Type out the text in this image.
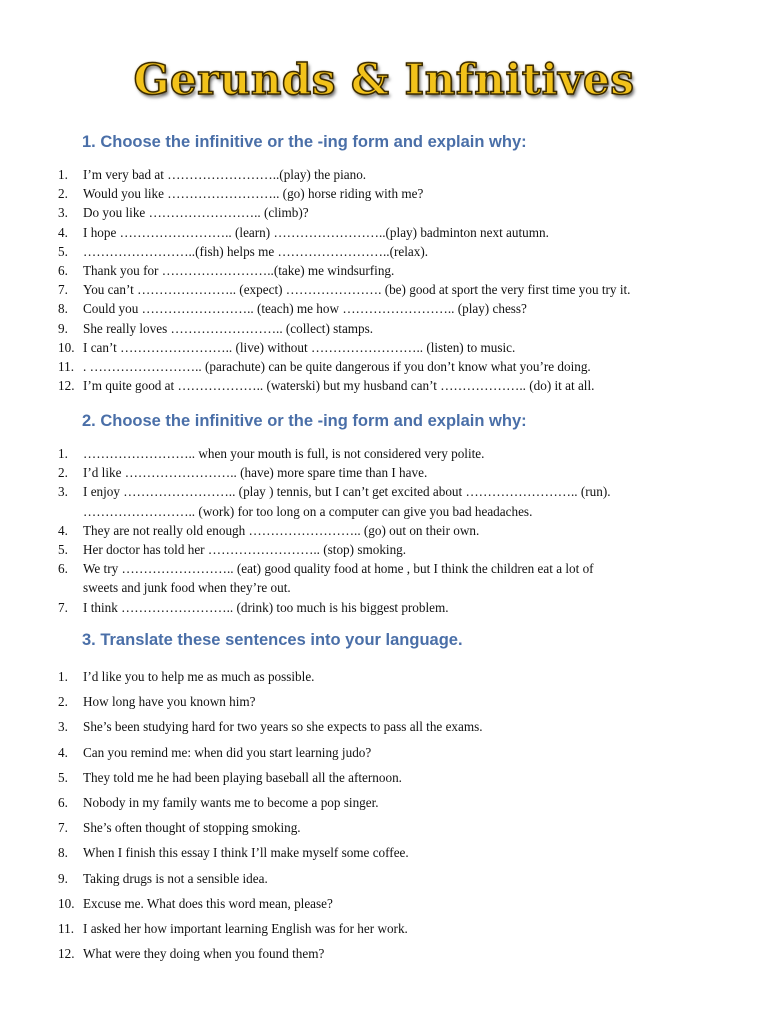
Gerunds & Infnitives
1. Choose the infinitive or the -ing form and explain why:
1. I’m very bad at ……………………..(play) the piano.
2. Would you like …………………….. (go) horse riding with me?
3. Do you like …………………….. (climb)?
4. I hope …………………….. (learn) ……………………..(play) badminton next autumn.
5. ……………………..(fish) helps me ……………………..(relax).
6. Thank you for ……………………..(take) me windsurfing.
7. You can’t ………………….. (expect) …………………. (be) good at sport the very first time you try it.
8. Could you …………………….. (teach) me how …………………….. (play) chess?
9. She really loves …………………….. (collect) stamps.
10. I can’t …………………….. (live) without …………………….. (listen) to music.
11. . …………………….. (parachute) can be quite dangerous if you don’t know what you’re doing.
12. I’m quite good at ……………….. (waterski) but my husband can’t ……………….. (do) it at all.
2. Choose the infinitive or the -ing form and explain why:
1. …………………….. when your mouth is full, is not considered very polite.
2. I’d like …………………….. (have) more spare time than I have.
3. I enjoy …………………….. (play ) tennis, but I can’t get excited about …………………….. (run).
…………………….. (work) for too long on a computer can give you bad headaches.
4. They are not really old enough …………………….. (go) out on their own.
5. Her doctor has told her …………………….. (stop) smoking.
6. We try …………………….. (eat) good quality food at home , but I think the children eat a lot of
sweets and junk food when they’re out.
7. I think …………………….. (drink) too much is his biggest problem.
3. Translate these sentences into your language.
1. I’d like you to help me as much as possible.
2. How long have you known him?
3. She’s been studying hard for two years so she expects to pass all the exams.
4. Can you remind me: when did you start learning judo?
5. They told me he had been playing baseball all the afternoon.
6. Nobody in my family wants me to become a pop singer.
7. She’s often thought of stopping smoking.
8. When I finish this essay I think I’ll make myself some coffee.
9. Taking drugs is not a sensible idea.
10. Excuse me. What does this word mean, please?
11. I asked her how important learning English was for her work.
12. What were they doing when you found them?
